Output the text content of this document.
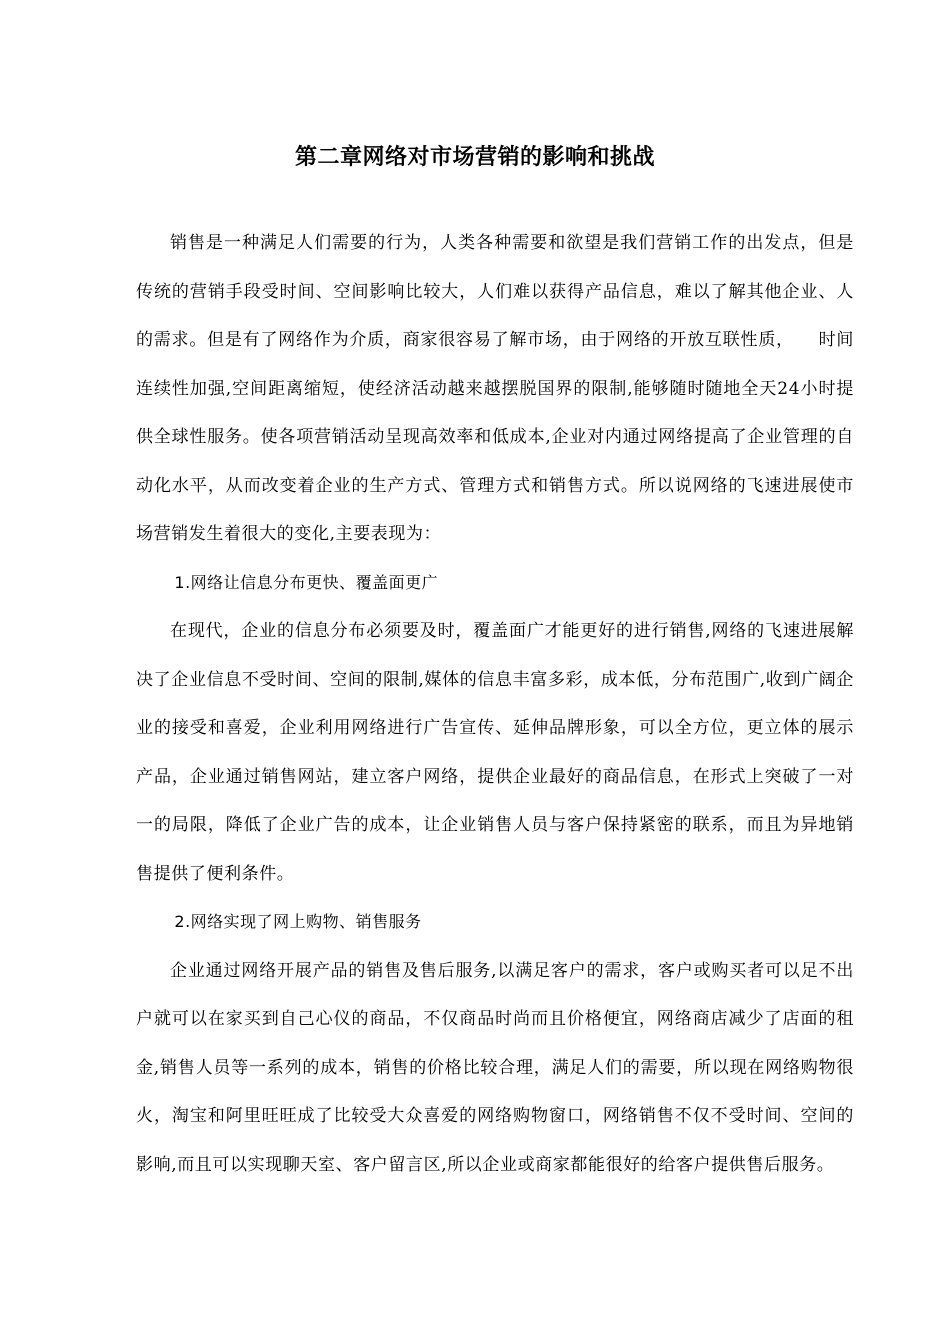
第二章网络对市场营销的影响和挑战

销售是一种满足人们需要的行为，人类各种需要和欲望是我们营销工作的出发点，但是传统的营销手段受时间、空间影响比较大，人们难以获得产品信息，难以了解其他企业、人的需求。但是有了网络作为介质，商家很容易了解市场，由于网络的开放互联性质，    时间连续性加强,空间距离缩短，使经济活动越来越摆脱国界的限制,能够随时随地全天24小时提供全球性服务。使各项营销活动呈现高效率和低成本,企业对内通过网络提高了企业管理的自动化水平，从而改变着企业的生产方式、管理方式和销售方式。所以说网络的飞速进展使市场营销发生着很大的变化,主要表现为：

1.网络让信息分布更快、覆盖面更广

在现代，企业的信息分布必须要及时，覆盖面广才能更好的进行销售,网络的飞速进展解决了企业信息不受时间、空间的限制,媒体的信息丰富多彩，成本低，分布范围广,收到广阔企业的接受和喜爱，企业利用网络进行广告宣传、延伸品牌形象，可以全方位，更立体的展示产品，企业通过销售网站，建立客户网络，提供企业最好的商品信息，在形式上突破了一对一的局限，降低了企业广告的成本，让企业销售人员与客户保持紧密的联系，而且为异地销售提供了便利条件。

2.网络实现了网上购物、销售服务

企业通过网络开展产品的销售及售后服务,以满足客户的需求，客户或购买者可以足不出户就可以在家买到自己心仪的商品，不仅商品时尚而且价格便宜，网络商店减少了店面的租金,销售人员等一系列的成本，销售的价格比较合理，满足人们的需要，所以现在网络购物很火，淘宝和阿里旺旺成了比较受大众喜爱的网络购物窗口，网络销售不仅不受时间、空间的影响,而且可以实现聊天室、客户留言区,所以企业或商家都能很好的给客户提供售后服务。
